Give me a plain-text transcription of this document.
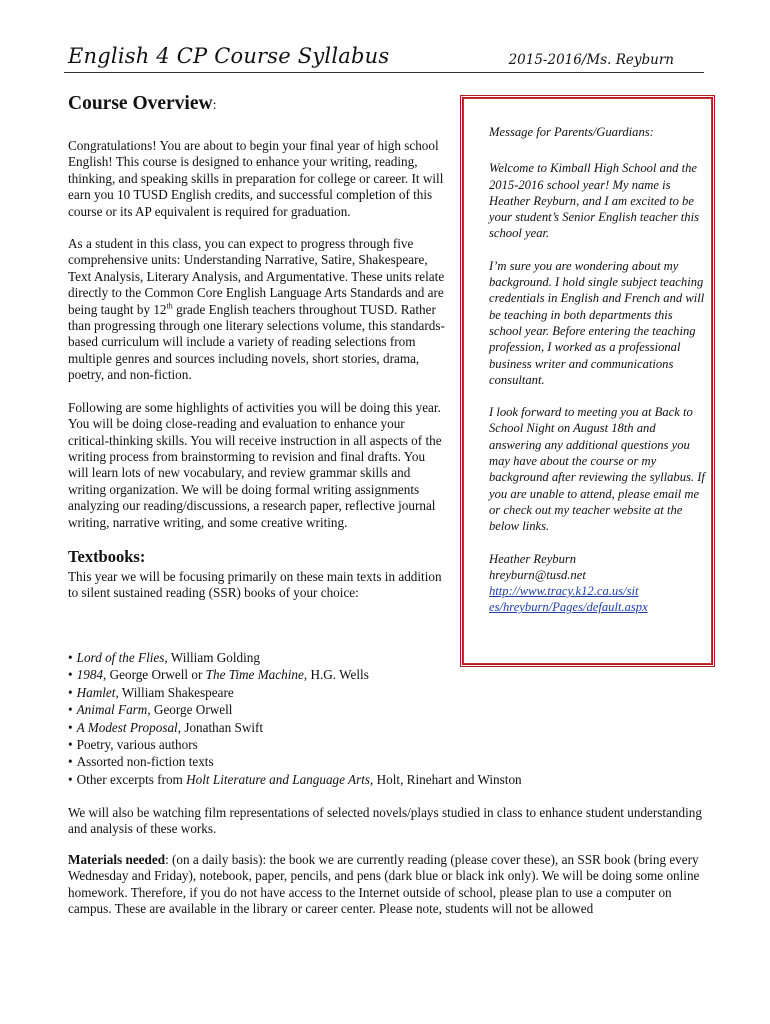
English 4 CP Course Syllabus	2015-2016/Ms. Reyburn
Course Overview:

Congratulations! You are about to begin your final year of high school English! This course is designed to enhance your writing, reading, thinking, and speaking skills in preparation for college or career. It will earn you 10 TUSD English credits, and successful completion of this course or its AP equivalent is required for graduation.

As a student in this class, you can expect to progress through five comprehensive units: Understanding Narrative, Satire, Shakespeare, Text Analysis, Literary Analysis, and Argumentative. These units relate directly to the Common Core English Language Arts Standards and are being taught by 12th grade English teachers throughout TUSD. Rather than progressing through one literary selections volume, this standards-based curriculum will include a variety of reading selections from multiple genres and sources including novels, short stories, drama, poetry, and non-fiction.

Following are some highlights of activities you will be doing this year. You will be doing close-reading and evaluation to enhance your critical-thinking skills. You will receive instruction in all aspects of the writing process from brainstorming to revision and final drafts. You will learn lots of new vocabulary, and review grammar skills and writing organization. We will be doing formal writing assignments analyzing our reading/discussions, a research paper, reflective journal writing, narrative writing, and some creative writing.

Textbooks:

This year we will be focusing primarily on these main texts in addition to silent sustained reading (SSR) books of your choice:

Message for Parents/Guardians:

Welcome to Kimball High School and the 2015-2016 school year! My name is Heather Reyburn, and I am excited to be your student’s Senior English teacher this school year.

I’m sure you are wondering about my background. I hold single subject teaching credentials in English and French and will be teaching in both departments this school year. Before entering the teaching profession, I worked as a professional business writer and communications consultant.

I look forward to meeting you at Back to School Night on August 18th and answering any additional questions you may have about the course or my background after reviewing the syllabus. If you are unable to attend, please email me or check out my teacher website at the below links.

Heather Reyburn
hreyburn@tusd.net
http://www.tracy.k12.ca.us/sit
es/hreyburn/Pages/default.aspx

• Lord of the Flies, William Golding
• 1984, George Orwell or The Time Machine, H.G. Wells
• Hamlet, William Shakespeare
• Animal Farm, George Orwell
• A Modest Proposal, Jonathan Swift
• Poetry, various authors
• Assorted non-fiction texts
• Other excerpts from Holt Literature and Language Arts, Holt, Rinehart and Winston

We will also be watching film representations of selected novels/plays studied in class to enhance student understanding and analysis of these works.

Materials needed: (on a daily basis): the book we are currently reading (please cover these), an SSR book (bring every Wednesday and Friday), notebook, paper, pencils, and pens (dark blue or black ink only). We will be doing some online homework. Therefore, if you do not have access to the Internet outside of school, please plan to use a computer on campus. These are available in the library or career center. Please note, students will not be allowed
